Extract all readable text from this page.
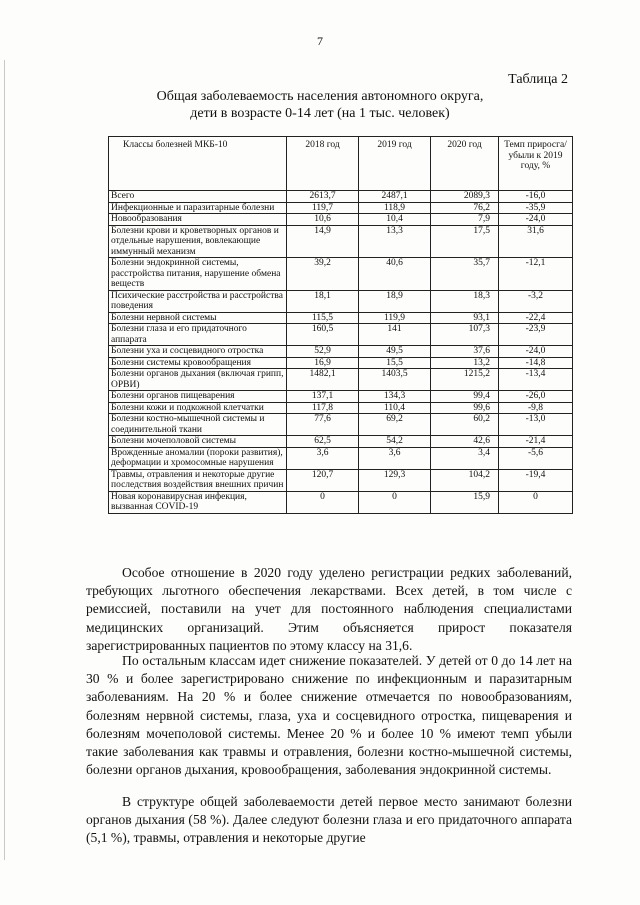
7
Таблица 2
Общая заболеваемость населения автономного округа,
дети в возрасте 0-14 лет (на 1 тыс. человек)
Классы болезней МКБ-10	2018 год	2019 год	2020 год	Темп приросга/ убыли к 2019 году, %
Всего	2613,7	2487,1	2089,3	-16,0
Инфекционные и паразитарные болезни	119,7	118,9	76,2	-35,9
Новообразования	10,6	10,4	7,9	-24,0
Болезни крови и кроветворных органов и отдельные нарушения, вовлекающие иммунный механизм	14,9	13,3	17,5	31,6
Болезни эндокринной системы, расстройства питания, нарушение обмена веществ	39,2	40,6	35,7	-12,1
Психические расстройства и расстройства поведения	18,1	18,9	18,3	-3,2
Болезни нервной системы	115,5	119,9	93,1	-22,4
Болезни глаза и его придаточного аппарата	160,5	141	107,3	-23,9
Болезни уха и сосцевидного отростка	52,9	49,5	37,6	-24,0
Болезни системы кровообращения	16,9	15,5	13,2	-14,8
Болезни органов дыхания (включая грипп, ОРВИ)	1482,1	1403,5	1215,2	-13,4
Болезни органов пищеварения	137,1	134,3	99,4	-26,0
Болезни кожи и подкожной клетчатки	117,8	110,4	99,6	-9,8
Болезни костно-мышечной системы и соединительной ткани	77,6	69,2	60,2	-13,0
Болезни мочеполовой системы	62,5	54,2	42,6	-21,4
Врожденные аномалии (пороки развития), деформации и хромосомные нарушения	3,6	3,6	3,4	-5,6
Травмы, отравления и некоторые другие последствия воздействия внешних причин	120,7	129,3	104,2	-19,4
Новая коронавирусная инфекция, вызванная COVID-19	0	0	15,9	0

Особое отношение в 2020 году уделено регистрации редких заболеваний, требующих льготного обеспечения лекарствами. Всех детей, в том числе с ремиссией, поставили на учет для постоянного наблюдения специалистами медицинских организаций. Этим объясняется прирост показателя зарегистрированных пациентов по этому классу на 31,6.

По остальным классам идет снижение показателей. У детей от 0 до 14 лет на 30 % и более зарегистрировано снижение по инфекционным и паразитарным заболеваниям. На 20 % и более снижение отмечается по новообразованиям, болезням нервной системы, глаза, уха и сосцевидного отростка, пищеварения и болезням мочеполовой системы. Менее 20 % и более 10 % имеют темп убыли такие заболевания как травмы и отравления, болезни костно-мышечной системы, болезни органов дыхания, кровообращения, заболевания эндокринной системы.

В структуре общей заболеваемости детей первое место занимают болезни органов дыхания (58 %). Далее следуют болезни глаза и его придаточного аппарата (5,1 %), травмы, отравления и некоторые другие
